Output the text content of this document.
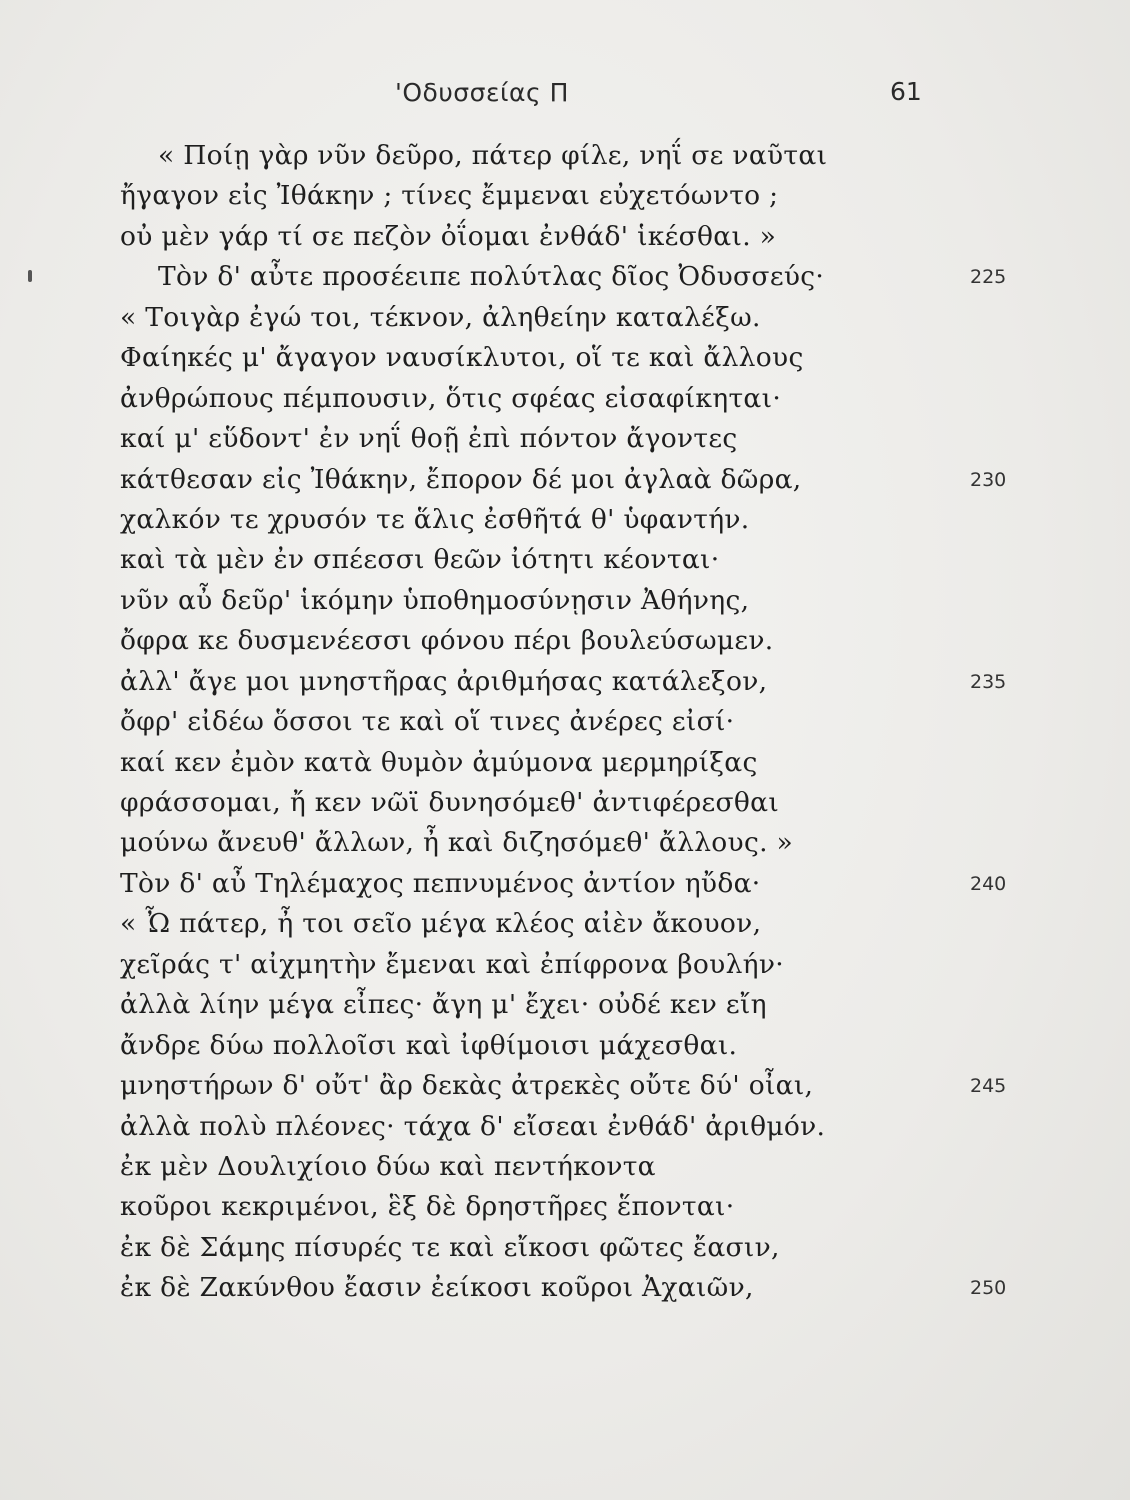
'Οδυσσείας Π	61
« Ποίῃ γὰρ νῦν δεῦρο, πάτερ φίλε, νηΐ σε ναῦται
ἤγαγον εἰς Ἰθάκην ; τίνες ἔμμεναι εὐχετόωντο ;
οὐ μὲν γάρ τί σε πεζὸν ὀΐομαι ἐνθάδ' ἱκέσθαι. »
Τὸν δ' αὖτε προσέειπε πολύτλας δῖος Ὀδυσσεύς·	225
« Τοιγὰρ ἐγώ τοι, τέκνον, ἀληθείην καταλέξω.
Φαίηκές μ' ἄγαγον ναυσίκλυτοι, οἵ τε καὶ ἄλλους
ἀνθρώπους πέμπουσιν, ὅτις σφέας εἰσαφίκηται·
καί μ' εὕδοντ' ἐν νηΐ θοῇ ἐπὶ πόντον ἄγοντες
κάτθεσαν εἰς Ἰθάκην, ἔπορον δέ μοι ἀγλαὰ δῶρα,	230
χαλκόν τε χρυσόν τε ἅλις ἐσθῆτά θ' ὑφαντήν.
καὶ τὰ μὲν ἐν σπέεσσι θεῶν ἰότητι κέονται·
νῦν αὖ δεῦρ' ἱκόμην ὑποθημοσύνῃσιν Ἀθήνης,
ὄφρα κε δυσμενέεσσι φόνου πέρι βουλεύσωμεν.
ἀλλ' ἄγε μοι μνηστῆρας ἀριθμήσας κατάλεξον,	235
ὄφρ' εἰδέω ὅσσοι τε καὶ οἵ τινες ἀνέρες εἰσί·
καί κεν ἐμὸν κατὰ θυμὸν ἀμύμονα μερμηρίξας
φράσσομαι, ἤ κεν νῶϊ δυνησόμεθ' ἀντιφέρεσθαι
μούνω ἄνευθ' ἄλλων, ἦ καὶ διζησόμεθ' ἄλλους. »
Τὸν δ' αὖ Τηλέμαχος πεπνυμένος ἀντίον ηὔδα·	240
« Ὦ πάτερ, ἦ τοι σεῖο μέγα κλέος αἰὲν ἄκουον,
χεῖράς τ' αἰχμητὴν ἔμεναι καὶ ἐπίφρονα βουλήν·
ἀλλὰ λίην μέγα εἶπες· ἄγη μ' ἔχει· οὐδέ κεν εἴη
ἄνδρε δύω πολλοῖσι καὶ ἰφθίμοισι μάχεσθαι.
μνηστήρων δ' οὔτ' ἂρ δεκὰς ἀτρεκὲς οὔτε δύ' οἶαι,	245
ἀλλὰ πολὺ πλέονες· τάχα δ' εἴσεαι ἐνθάδ' ἀριθμόν.
ἐκ μὲν Δουλιχίοιο δύω καὶ πεντήκοντα
κοῦροι κεκριμένοι, ἓξ δὲ δρηστῆρες ἕπονται·
ἐκ δὲ Σάμης πίσυρές τε καὶ εἴκοσι φῶτες ἔασιν,
ἐκ δὲ Ζακύνθου ἔασιν ἐείκοσι κοῦροι Ἀχαιῶν,	250
